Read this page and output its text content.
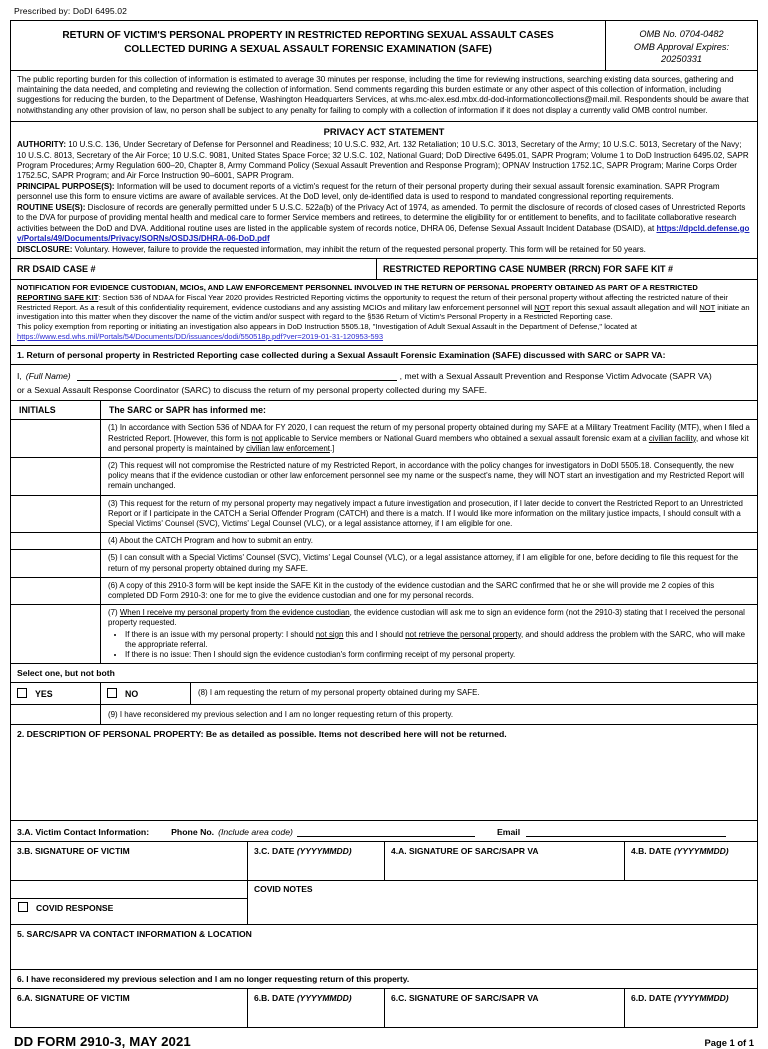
Prescribed by: DoDI 6495.02
RETURN OF VICTIM'S PERSONAL PROPERTY IN RESTRICTED REPORTING SEXUAL ASSAULT CASES
COLLECTED DURING A SEXUAL ASSAULT FORENSIC EXAMINATION (SAFE)
OMB No. 0704-0482
OMB Approval Expires:
20250331
The public reporting burden for this collection of information is estimated to average 30 minutes per response, including the time for reviewing instructions, searching existing data sources, gathering and maintaining the data needed, and completing and reviewing the collection of information. Send comments regarding this burden estimate or any other aspect of this collection of information, including suggestions for reducing the burden, to the Department of Defense, Washington Headquarters Services, at whs.mc-alex.esd.mbx.dd-dod-informationcollections@mail.mil. Respondents should be aware that notwithstanding any other provision of law, no person shall be subject to any penalty for failing to comply with a collection of information if it does not display a currently valid OMB control number.
PRIVACY ACT STATEMENT

AUTHORITY: 10 U.S.C. 136, Under Secretary of Defense for Personnel and Readiness; 10 U.S.C. 932, Art. 132 Retaliation; 10 U.S.C. 3013, Secretary of the Army; 10 U.S.C. 5013, Secretary of the Navy; 10 U.S.C. 8013, Secretary of the Air Force; 10 U.S.C. 9081, United States Space Force; 32 U.S.C. 102, National Guard; DoD Directive 6495.01, SAPR Program; Volume 1 to DoD Instruction 6495.02, SAPR Program Procedures; Army Regulation 600–20, Chapter 8, Army Command Policy (Sexual Assault Prevention and Response Program); OPNAV Instruction 1752.1C, SAPR Program; Marine Corps Order 1752.5C, SAPR Program; and Air Force Instruction 90–6001, SAPR Program.

PRINCIPAL PURPOSE(S): Information will be used to document reports of a victim's request for the return of their personal property during their sexual assault forensic examination. SAPR Program personnel use this form to ensure victims are aware of available services. At the DoD level, only de-identified data is used to respond to mandated congressional reporting requirements.

ROUTINE USE(S): Disclosure of records are generally permitted under 5 U.S.C. 522a(b) of the Privacy Act of 1974, as amended. To permit the disclosure of records of closed cases of Unrestricted Reports to the DVA for purpose of providing mental health and medical care to former Service members and retirees, to determine the eligibility for or entitlement to benefits, and to facilitate collaborative research activities between the DoD and DVA. Additional routine uses are listed in the applicable system of records notice, DHRA 06, Defense Sexual Assault Incident Database (DSAID), at https://dpcld.defense.gov/Portals/49/Documents/Privacy/SORNs/OSDJS/DHRA-06-DoD.pdf

DISCLOSURE: Voluntary. However, failure to provide the requested information, may inhibit the return of the requested personal property. This form will be retained for 50 years.

RR DSAID CASE #	RESTRICTED REPORTING CASE NUMBER (RRCN) FOR SAFE KIT #
NOTIFICATION FOR EVIDENCE CUSTODIAN, MCIOs, AND LAW ENFORCEMENT PERSONNEL INVOLVED IN THE RETURN OF PERSONAL PROPERTY OBTAINED AS PART OF A RESTRICTED
REPORTING SAFE KIT: Section 536 of NDAA for Fiscal Year 2020 provides Restricted Reporting victims the opportunity to request the return of their personal property without affecting the restricted nature of their Restricted Report. As a result of this confidentiality requirement, evidence custodians and any assisting MCIOs and military law enforcement personnel will NOT report this sexual assault allegation and will NOT initiate an investigation into this matter when they discover the name of the victim and/or suspect with regard to the §536 Return of Victim's Personal Property in a Restricted Reporting case.
This policy exemption from reporting or initiating an investigation also appears in DoD Instruction 5505.18, "Investigation of Adult Sexual Assault in the Department of Defense," located at https://www.esd.whs.mil/Portals/54/Documents/DD/issuances/dodi/550518p.pdf?ver=2019-01-31-120953-593
1. Return of personal property in Restricted Reporting case collected during a Sexual Assault Forensic Examination (SAFE) discussed with SARC or SAPR VA:
I, (Full Name)	, met with a Sexual Assault Prevention and Response Victim Advocate (SAPR VA)
or a Sexual Assault Response Coordinator (SARC) to discuss the return of my personal property collected during my SAFE.
INITIALS	The SARC or SAPR has informed me:
(1) In accordance with Section 536 of NDAA for FY 2020, I can request the return of my personal property obtained during my SAFE at a Military Treatment Facility (MTF), when I filed a Restricted Report. [However, this form is not applicable to Service members or National Guard members who obtained a sexual assault forensic exam at a civilian facility, and whose kit and personal property is maintained by civilian law enforcement.]
(2) This request will not compromise the Restricted nature of my Restricted Report, in accordance with the policy changes for investigators in DoDI 5505.18. Consequently, the new policy means that if the evidence custodian or other law enforcement personnel see my name or the suspect's name, they will NOT start an investigation and my Restricted Report will remain unchanged.
(3) This request for the return of my personal property may negatively impact a future investigation and prosecution, if I later decide to convert the Restricted Report to an Unrestricted Report or if I participate in the CATCH a Serial Offender Program (CATCH) and there is a match. If I would like more information on the military justice impacts, I should consult with a Special Victims' Counsel (SVC), Victims' Legal Counsel (VLC), or a legal assistance attorney, if I am eligible for one.
(4) About the CATCH Program and how to submit an entry.
(5) I can consult with a Special Victims' Counsel (SVC), Victims' Legal Counsel (VLC), or a legal assistance attorney, if I am eligible for one, before deciding to file this request for the return of my personal property obtained during my SAFE.
(6) A copy of this 2910-3 form will be kept inside the SAFE Kit in the custody of the evidence custodian and the SARC confirmed that he or she will provide me 2 copies of this completed DD Form 2910-3: one for me to give the evidence custodian and one for my personal records.
(7) When I receive my personal property from the evidence custodian, the evidence custodian will ask me to sign an evidence form (not the 2910-3) stating that I received the personal property requested.
• If there is an issue with my personal property: I should not sign this and I should not retrieve the personal property, and should address the problem with the SARC, who will make the appropriate referral.
• If there is no issue: Then I should sign the evidence custodian's form confirming receipt of my personal property.
Select one, but not both
YES	NO	(8) I am requesting the return of my personal property obtained during my SAFE.
(9) I have reconsidered my previous selection and I am no longer requesting return of this property.
2. DESCRIPTION OF PERSONAL PROPERTY: Be as detailed as possible. Items not described here will not be returned.
3.A. Victim Contact Information:	Phone No. (Include area code)	Email
3.B. SIGNATURE OF VICTIM	3.C. DATE (YYYYMMDD)	4.A. SIGNATURE OF SARC/SAPR VA	4.B. DATE (YYYYMMDD)
COVID RESPONSE
COVID NOTES
5. SARC/SAPR VA CONTACT INFORMATION & LOCATION
6. I have reconsidered my previous selection and I am no longer requesting return of this property.
6.A. SIGNATURE OF VICTIM	6.B. DATE (YYYYMMDD)	6.C. SIGNATURE OF SARC/SAPR VA	6.D. DATE (YYYYMMDD)
DD FORM 2910-3, MAY 2021	Page 1 of 1
